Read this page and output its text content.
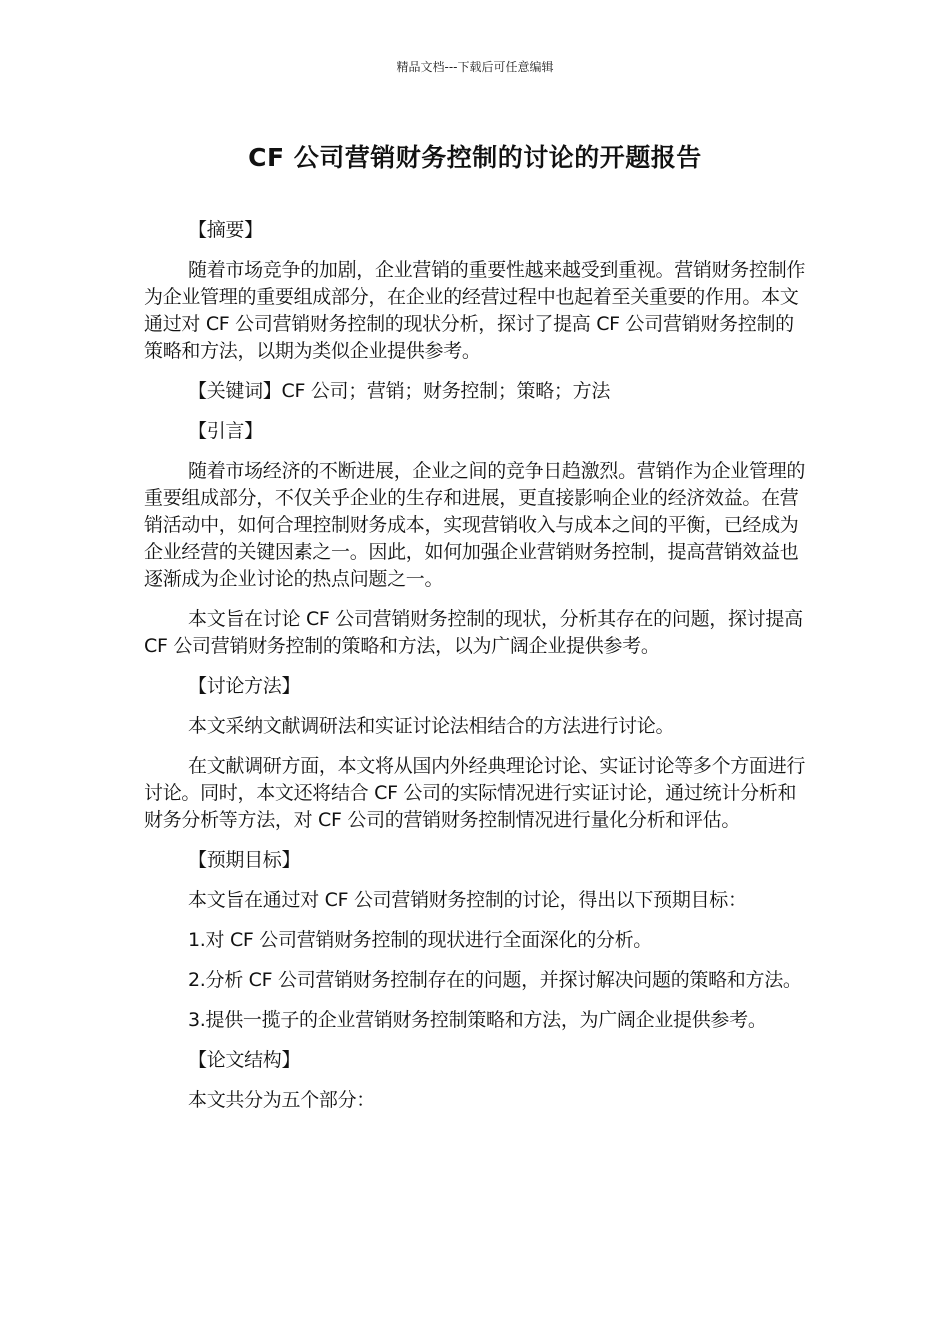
精品文档---下载后可任意编辑
CF 公司营销财务控制的讨论的开题报告

【摘要】

随着市场竞争的加剧，企业营销的重要性越来越受到重视。营销财务控制作为企业管理的重要组成部分，在企业的经营过程中也起着至关重要的作用。本文通过对 CF 公司营销财务控制的现状分析，探讨了提高 CF 公司营销财务控制的策略和方法，以期为类似企业提供参考。

【关键词】CF 公司；营销；财务控制；策略；方法

【引言】

随着市场经济的不断进展，企业之间的竞争日趋激烈。营销作为企业管理的重要组成部分，不仅关乎企业的生存和进展，更直接影响企业的经济效益。在营销活动中，如何合理控制财务成本，实现营销收入与成本之间的平衡，已经成为企业经营的关键因素之一。因此，如何加强企业营销财务控制，提高营销效益也逐渐成为企业讨论的热点问题之一。

本文旨在讨论 CF 公司营销财务控制的现状，分析其存在的问题，探讨提高 CF 公司营销财务控制的策略和方法，以为广阔企业提供参考。

【讨论方法】

本文采纳文献调研法和实证讨论法相结合的方法进行讨论。

在文献调研方面，本文将从国内外经典理论讨论、实证讨论等多个方面进行讨论。同时，本文还将结合 CF 公司的实际情况进行实证讨论，通过统计分析和财务分析等方法，对 CF 公司的营销财务控制情况进行量化分析和评估。

【预期目标】

本文旨在通过对 CF 公司营销财务控制的讨论，得出以下预期目标：

1.对 CF 公司营销财务控制的现状进行全面深化的分析。

2.分析 CF 公司营销财务控制存在的问题，并探讨解决问题的策略和方法。

3.提供一揽子的企业营销财务控制策略和方法，为广阔企业提供参考。

【论文结构】

本文共分为五个部分：
